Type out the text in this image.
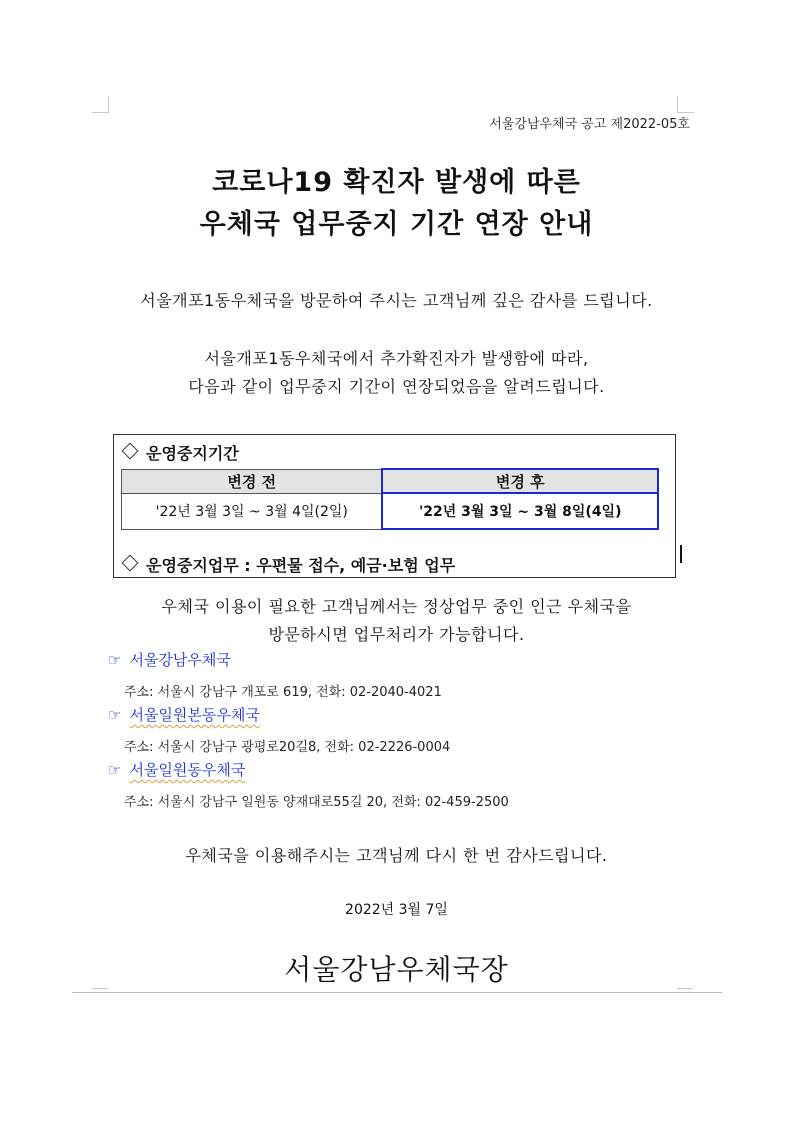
서울강남우체국 공고 제2022-05호
코로나19 확진자 발생에 따른
우체국 업무중지 기간 연장 안내
서울개포1동우체국을 방문하여 주시는 고객님께 깊은 감사를 드립니다.
서울개포1동우체국에서 추가확진자가 발생함에 따라,
다음과 같이 업무중지 기간이 연장되었음을 알려드립니다.
운영중지기간
변경 전	변경 후
'22년 3월 3일 ~ 3월 4일(2일)	'22년 3월 3일 ~ 3월 8일(4일)
운영중지업무 : 우편물 접수, 예금·보험 업무
우체국 이용이 필요한 고객님께서는 정상업무 중인 인근 우체국을
방문하시면 업무처리가 가능합니다.
☞ 서울강남우체국
주소: 서울시 강남구 개포로 619, 전화: 02-2040-4021
☞ 서울일원본동우체국
주소: 서울시 강남구 광평로20길8, 전화: 02-2226-0004
☞ 서울일원동우체국
주소: 서울시 강남구 일원동 양재대로55길 20, 전화: 02-459-2500
우체국을 이용해주시는 고객님께 다시 한 번 감사드립니다.
2022년 3월 7일
서울강남우체국장
